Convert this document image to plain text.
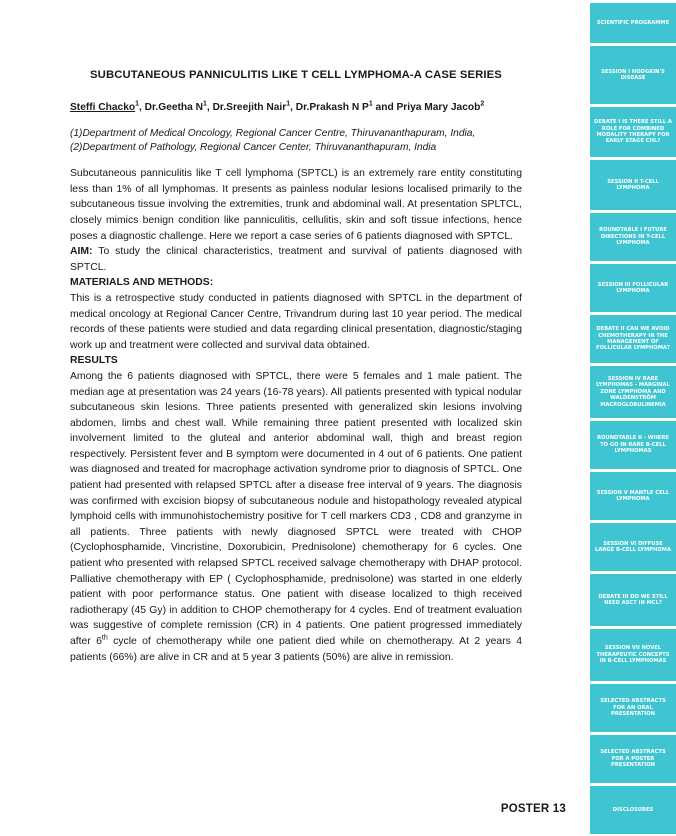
SUBCUTANEOUS PANNICULITIS LIKE T CELL LYMPHOMA-A CASE SERIES
Steffi Chacko$^1$, Dr.Geetha $N^1$, Dr.Sreejith Nair$^1$, Dr.Prakash N $P^1$ and Priya Mary Jacob$^2$
(1)Department of Medical Oncology, Regional Cancer Centre, Thiruvananthapuram, India,
(2)Department of Pathology, Regional Cancer Center, Thiruvananthapuram, India

Subcutaneous panniculitis like T cell lymphoma (SPTCL) is an extremely rare entity constituting less than 1% of all lymphomas. It presents as painless nodular lesions localised primarily to the subcutaneous tissue involving the extremities, trunk and abdominal wall. At presentation SPLTCL, closely mimics benign condition like panniculitis, cellulitis, skin and soft tissue infections, hence poses a diagnostic challenge. Here we report a case series of 6 patients diagnosed with SPTCL.

AIM: To study the clinical characteristics, treatment and survival of patients diagnosed with SPTCL.

MATERIALS AND METHODS:

This is a retrospective study conducted in patients diagnosed with SPTCL in the department of medical oncology at Regional Cancer Centre, Trivandrum during last 10 year period. The medical records of these patients were studied and data regarding clinical presentation, diagnostic/staging work up and treatment were collected and survival data obtained.

RESULTS

Among the 6 patients diagnosed with SPTCL, there were 5 females and 1 male patient. The median age at presentation was 24 years (16-78 years). All patients presented with typical nodular subcutaneous skin lesions. Three patients presented with generalized skin lesions involving abdomen, limbs and chest wall. While remaining three patient presented with localized skin involvement limited to the gluteal and anterior abdominal wall, thigh and breast region respectively. Persistent fever and B symptom were documented in 4 out of 6 patients. One patient was diagnosed and treated for macrophage activation syndrome prior to diagnosis of SPTCL. One patient had presented with relapsed SPTCL after a disease free interval of 9 years. The diagnosis was confirmed with excision biopsy of subcutaneous nodule and histopathology revealed atypical lymphoid cells with immunohistochemistry positive for T cell markers CD3 , CD8 and granzyme in all patients. Three patients with newly diagnosed SPTCL were treated with CHOP (Cyclophosphamide, Vincristine, Doxorubicin, Prednisolone) chemotherapy for 6 cycles. One patient who presented with relapsed SPTCL received salvage chemotherapy with DHAP protocol. Palliative chemotherapy with EP ( Cyclophosphamide, prednisolone) was started in one elderly patient with poor performance status. One patient with disease localized to thigh received radiotherapy (45 Gy) in addition to CHOP chemotherapy for 4 cycles. End of treatment evaluation was suggestive of complete remission (CR) in 4 patients. One patient progressed immediately after 6th cycle of chemotherapy while one patient died while on chemotherapy. At 2 years 4 patients (66%) are alive in CR and at 5 year 3 patients (50%) are alive in remission.

POSTER 13
SCIENTIFIC PROGRAMME
SESSION I HODGKIN'S DISEASE
DEBATE I IS THERE STILL A ROLE FOR COMBINED MODALITY THERAPY FOR EARLY STAGE CHL?
SESSION II T-CELL LYMPHOMA
ROUNDTABLE I FUTURE DIRECTIONS IN T-CELL LYMPHOMA
SESSION III FOLLICULAR LYMPHOMA
DEBATE II CAN WE AVOID CHEMOTHERAPY IN THE MANAGEMENT OF FOLLICULAR LYMPHOMA?
SESSION IV RARE LYMPHOMAS - MARGINAL ZONE LYMPHOMA AND WALDENSTRÖM MACROGLOBULINEMIA
ROUNDTABLE II - WHERE TO GO IN RARE B-CELL LYMPHOMAS
SESSION V MANTLE CELL LYMPHOMA
SESSION VI DIFFUSE LARGE B-CELL LYMPHOMA
DEBATE III DO WE STILL NEED ASCT IN MCL?
SESSION VII NOVEL THERAPEUTIC CONCEPTS IN B-CELL LYMPHOMAS
SELECTED ABSTRACTS FOR AN ORAL PRESENTATION
SELECTED ABSTRACTS FOR A POSTER PRESENTATION
DISCLOSURES
